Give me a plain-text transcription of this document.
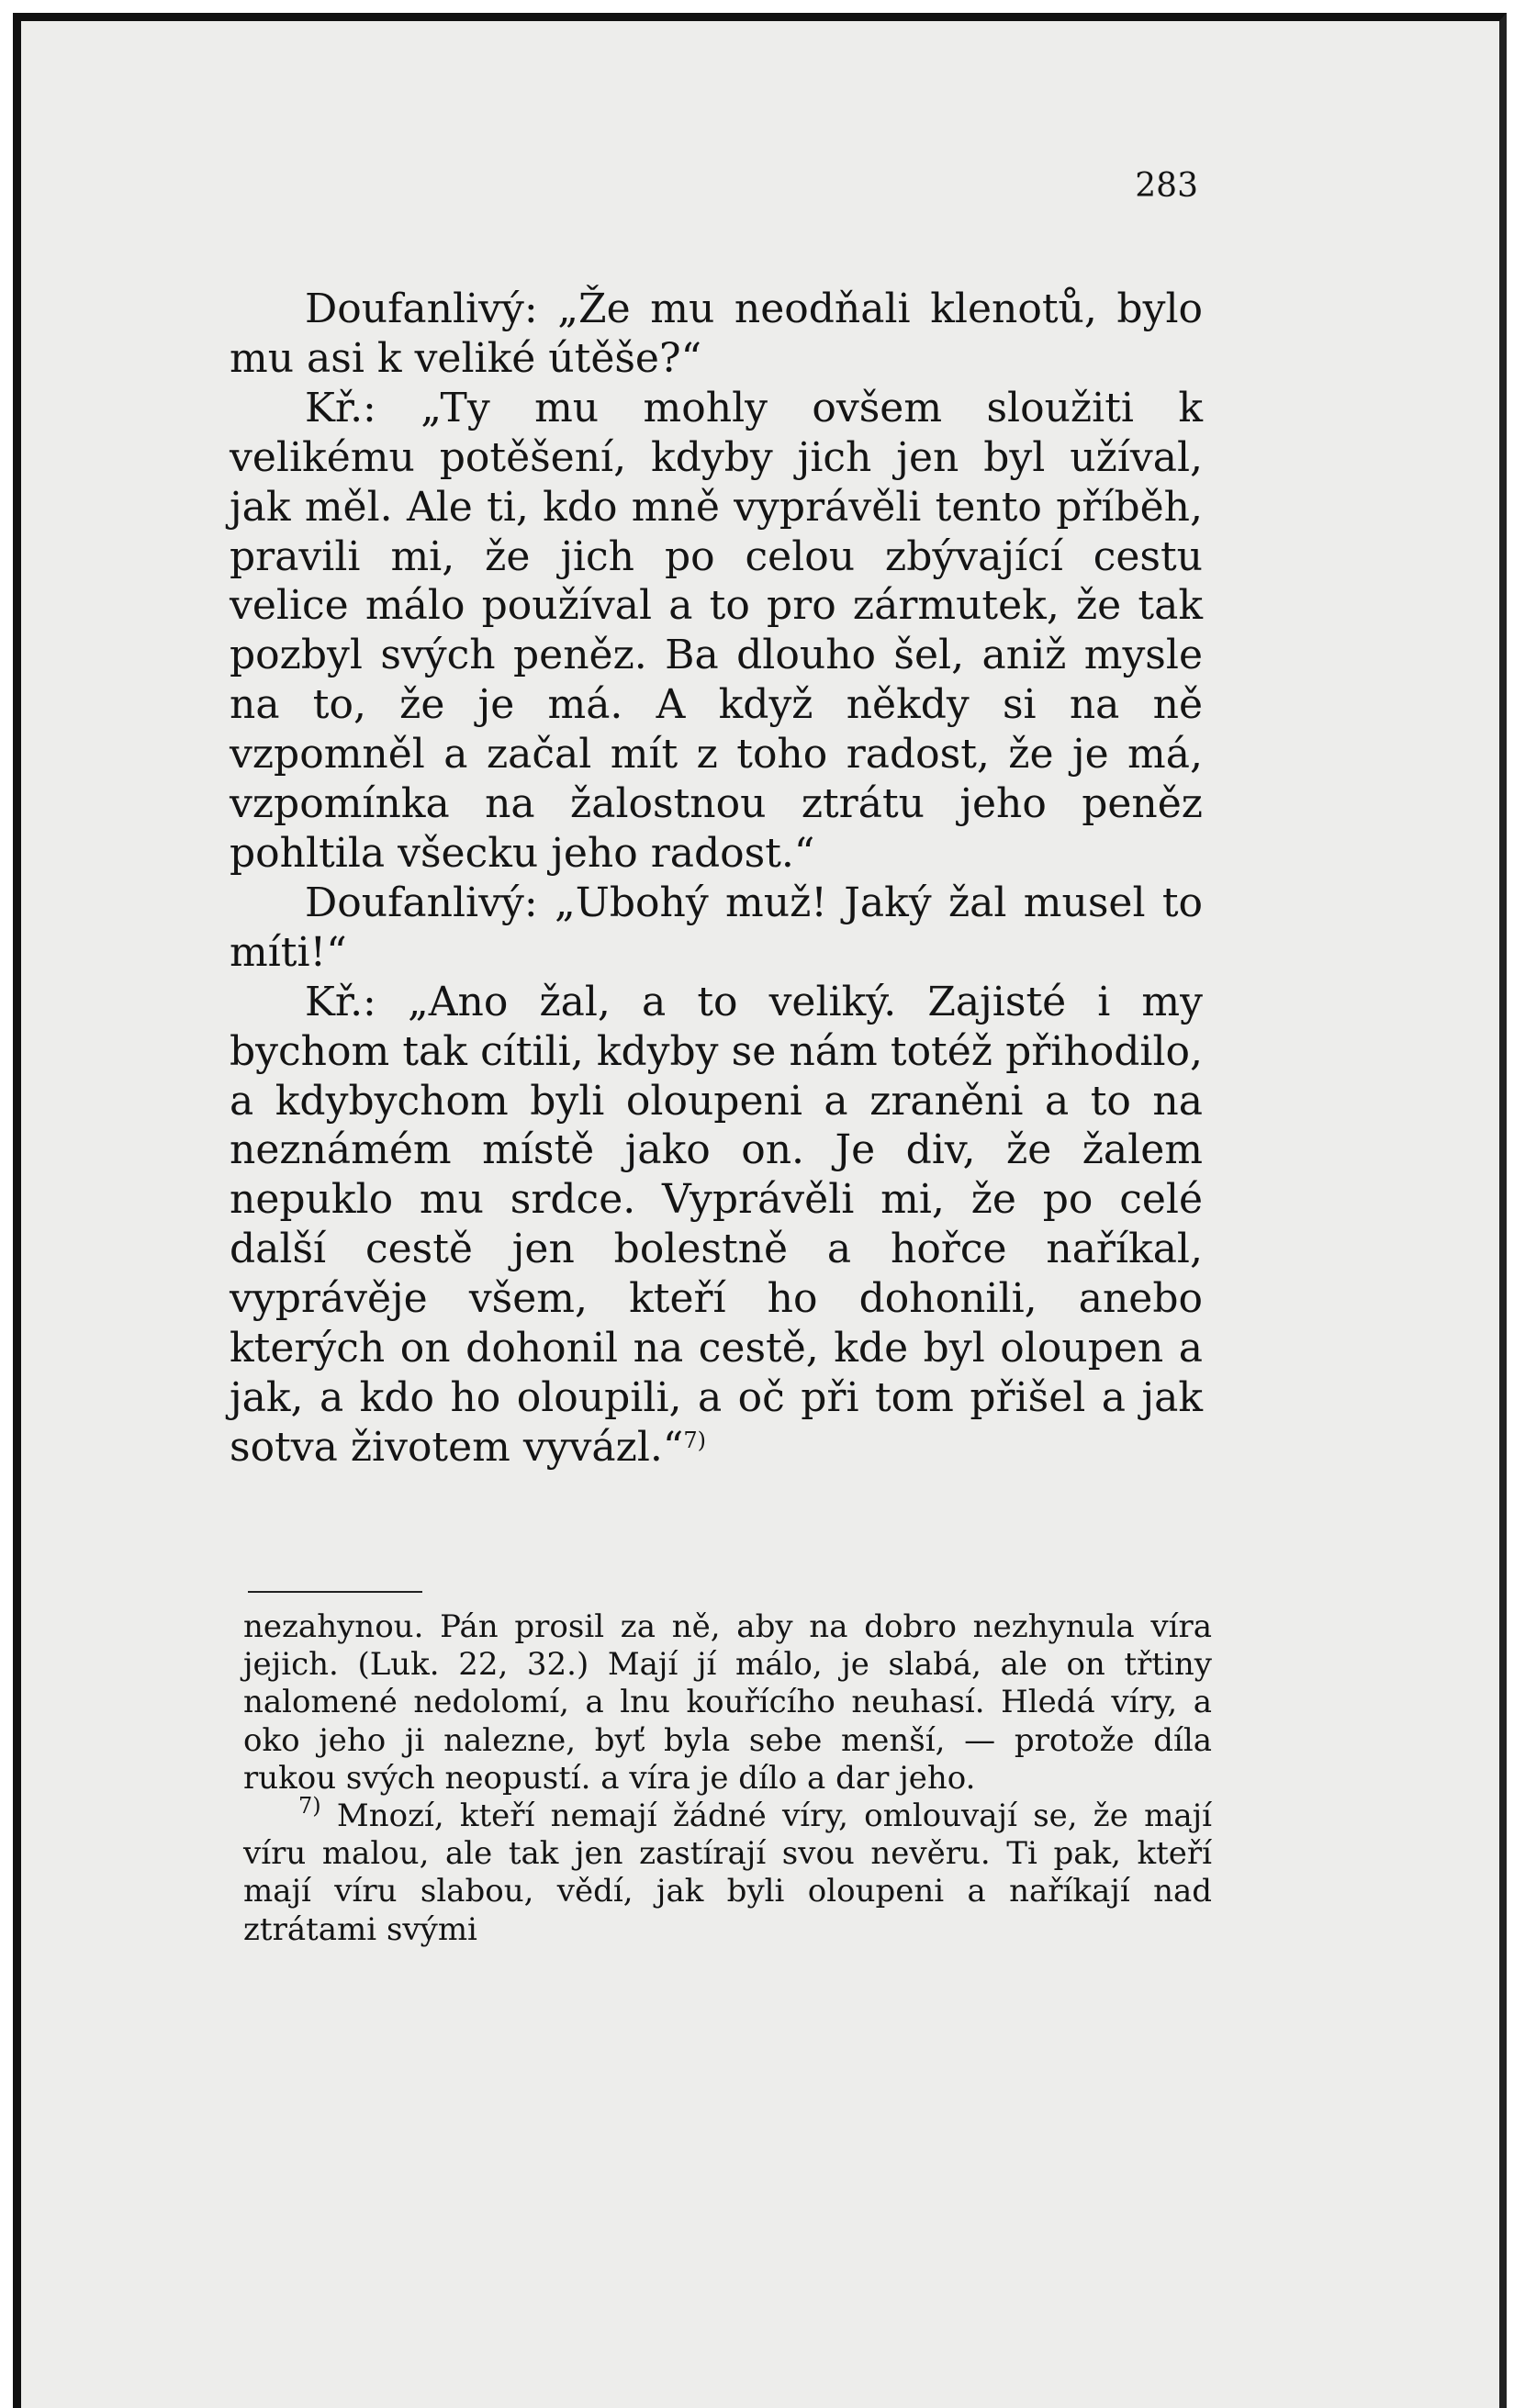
283

Doufanlivý: „Že mu neodňali klenotů, bylo mu asi k veliké útěše?“

Kř.: „Ty mu mohly ovšem sloužiti k velikému potěšení, kdyby jich jen byl užíval, jak měl. Ale ti, kdo mně vyprávěli tento příběh, pravili mi, že jich po celou zbývající cestu velice málo používal a to pro zármutek, že tak pozbyl svých peněz. Ba dlouho šel, aniž mysle na to, že je má. A když někdy si na ně vzpomněl a začal mít z toho radost, že je má, vzpomínka na žalostnou ztrátu jeho peněz pohltila všecku jeho radost.“

Doufanlivý: „Ubohý muž! Jaký žal musel to míti!“

Kř.: „Ano žal, a to veliký. Zajisté i my bychom tak cítili, kdyby se nám totéž přihodilo, a kdybychom byli oloupeni a zraněni a to na neznámém místě jako on. Je div, že žalem nepuklo mu srdce. Vyprávěli mi, že po celé další cestě jen bolestně a hořce naříkal, vyprávěje všem, kteří ho dohonili, anebo kterých on dohonil na cestě, kde byl oloupen a jak, a kdo ho oloupili, a oč při tom přišel a jak sotva životem vyvázl.“$^{7)}$

nezahynou. Pán prosil za ně, aby na dobro nezhynula víra jejich. (Luk. 22, 32.) Mají jí málo, je slabá, ale on třtiny nalomené nedolomí, a lnu kouřícího neuhasí. Hledá víry, a oko jeho ji nalezne, byť byla sebe menší, — protože díla rukou svých neopustí. a víra je dílo a dar jeho.

$^{7)}$ Mnozí, kteří nemají žádné víry, omlouvají se, že mají víru malou, ale tak jen zastírají svou nevěru. Ti pak, kteří mají víru slabou, vědí, jak byli oloupeni a naříkají nad ztrátami svými
